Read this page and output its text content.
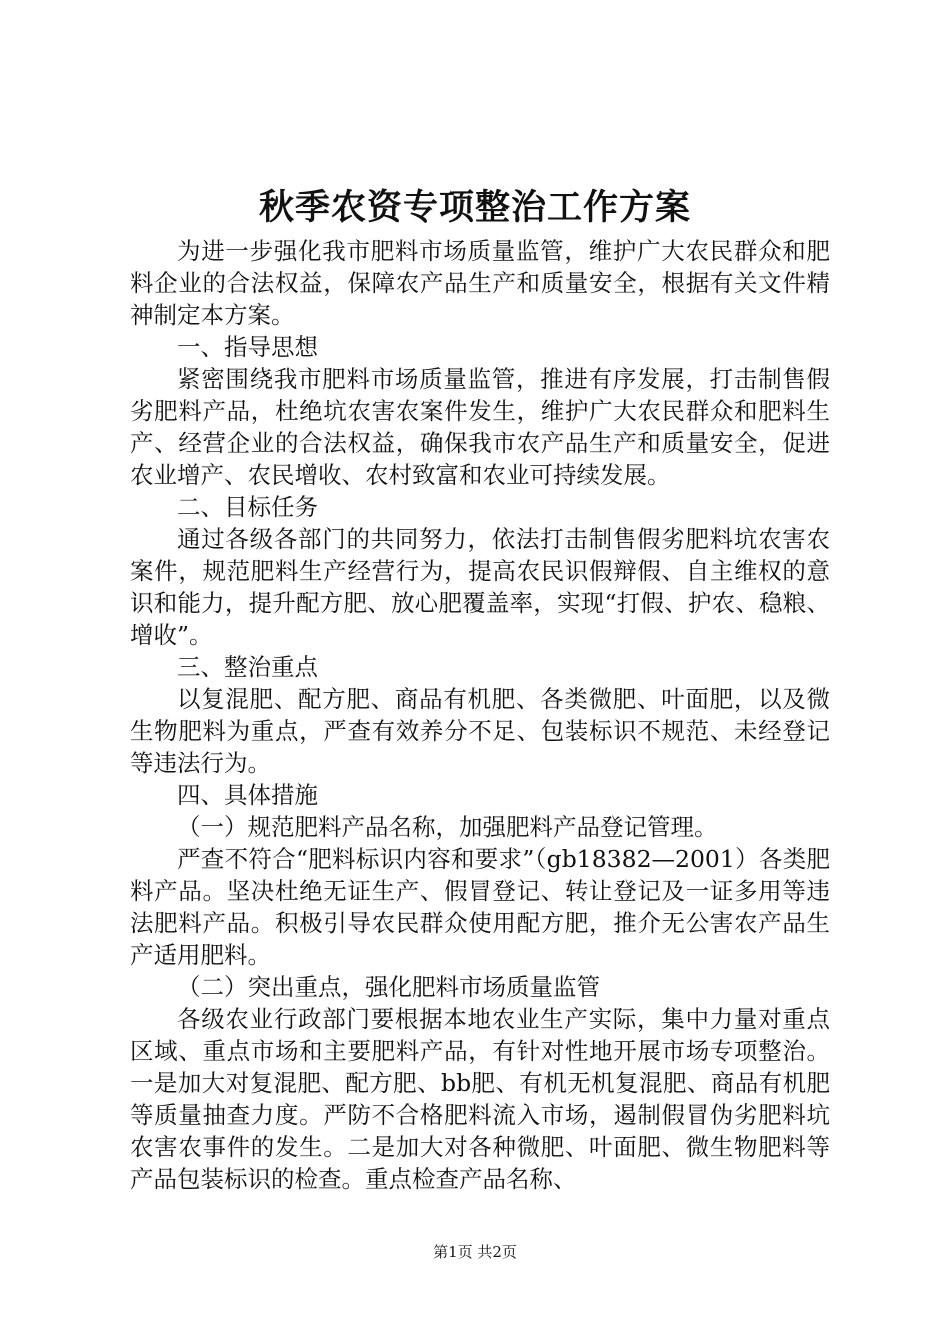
秋季农资专项整治工作方案

为进一步强化我市肥料市场质量监管，维护广大农民群众和肥料企业的合法权益，保障农产品生产和质量安全，根据有关文件精神制定本方案。

一、指导思想

紧密围绕我市肥料市场质量监管，推进有序发展，打击制售假劣肥料产品，杜绝坑农害农案件发生，维护广大农民群众和肥料生产、经营企业的合法权益，确保我市农产品生产和质量安全，促进农业增产、农民增收、农村致富和农业可持续发展。

二、目标任务

通过各级各部门的共同努力，依法打击制售假劣肥料坑农害农案件，规范肥料生产经营行为，提高农民识假辩假、自主维权的意识和能力，提升配方肥、放心肥覆盖率，实现“打假、护农、稳粮、增收”。

三、整治重点

以复混肥、配方肥、商品有机肥、各类微肥、叶面肥，以及微生物肥料为重点，严查有效养分不足、包装标识不规范、未经登记等违法行为。

四、具体措施

（一）规范肥料产品名称，加强肥料产品登记管理。

严查不符合“肥料标识内容和要求”（gb18382—2001）各类肥料产品。坚决杜绝无证生产、假冒登记、转让登记及一证多用等违法肥料产品。积极引导农民群众使用配方肥，推介无公害农产品生产适用肥料。

（二）突出重点，强化肥料市场质量监管

各级农业行政部门要根据本地农业生产实际，集中力量对重点区域、重点市场和主要肥料产品，有针对性地开展市场专项整治。一是加大对复混肥、配方肥、bb肥、有机无机复混肥、商品有机肥等质量抽查力度。严防不合格肥料流入市场，遏制假冒伪劣肥料坑农害农事件的发生。二是加大对各种微肥、叶面肥、微生物肥料等产品包装标识的检查。重点检查产品名称、

第1页 共2页
